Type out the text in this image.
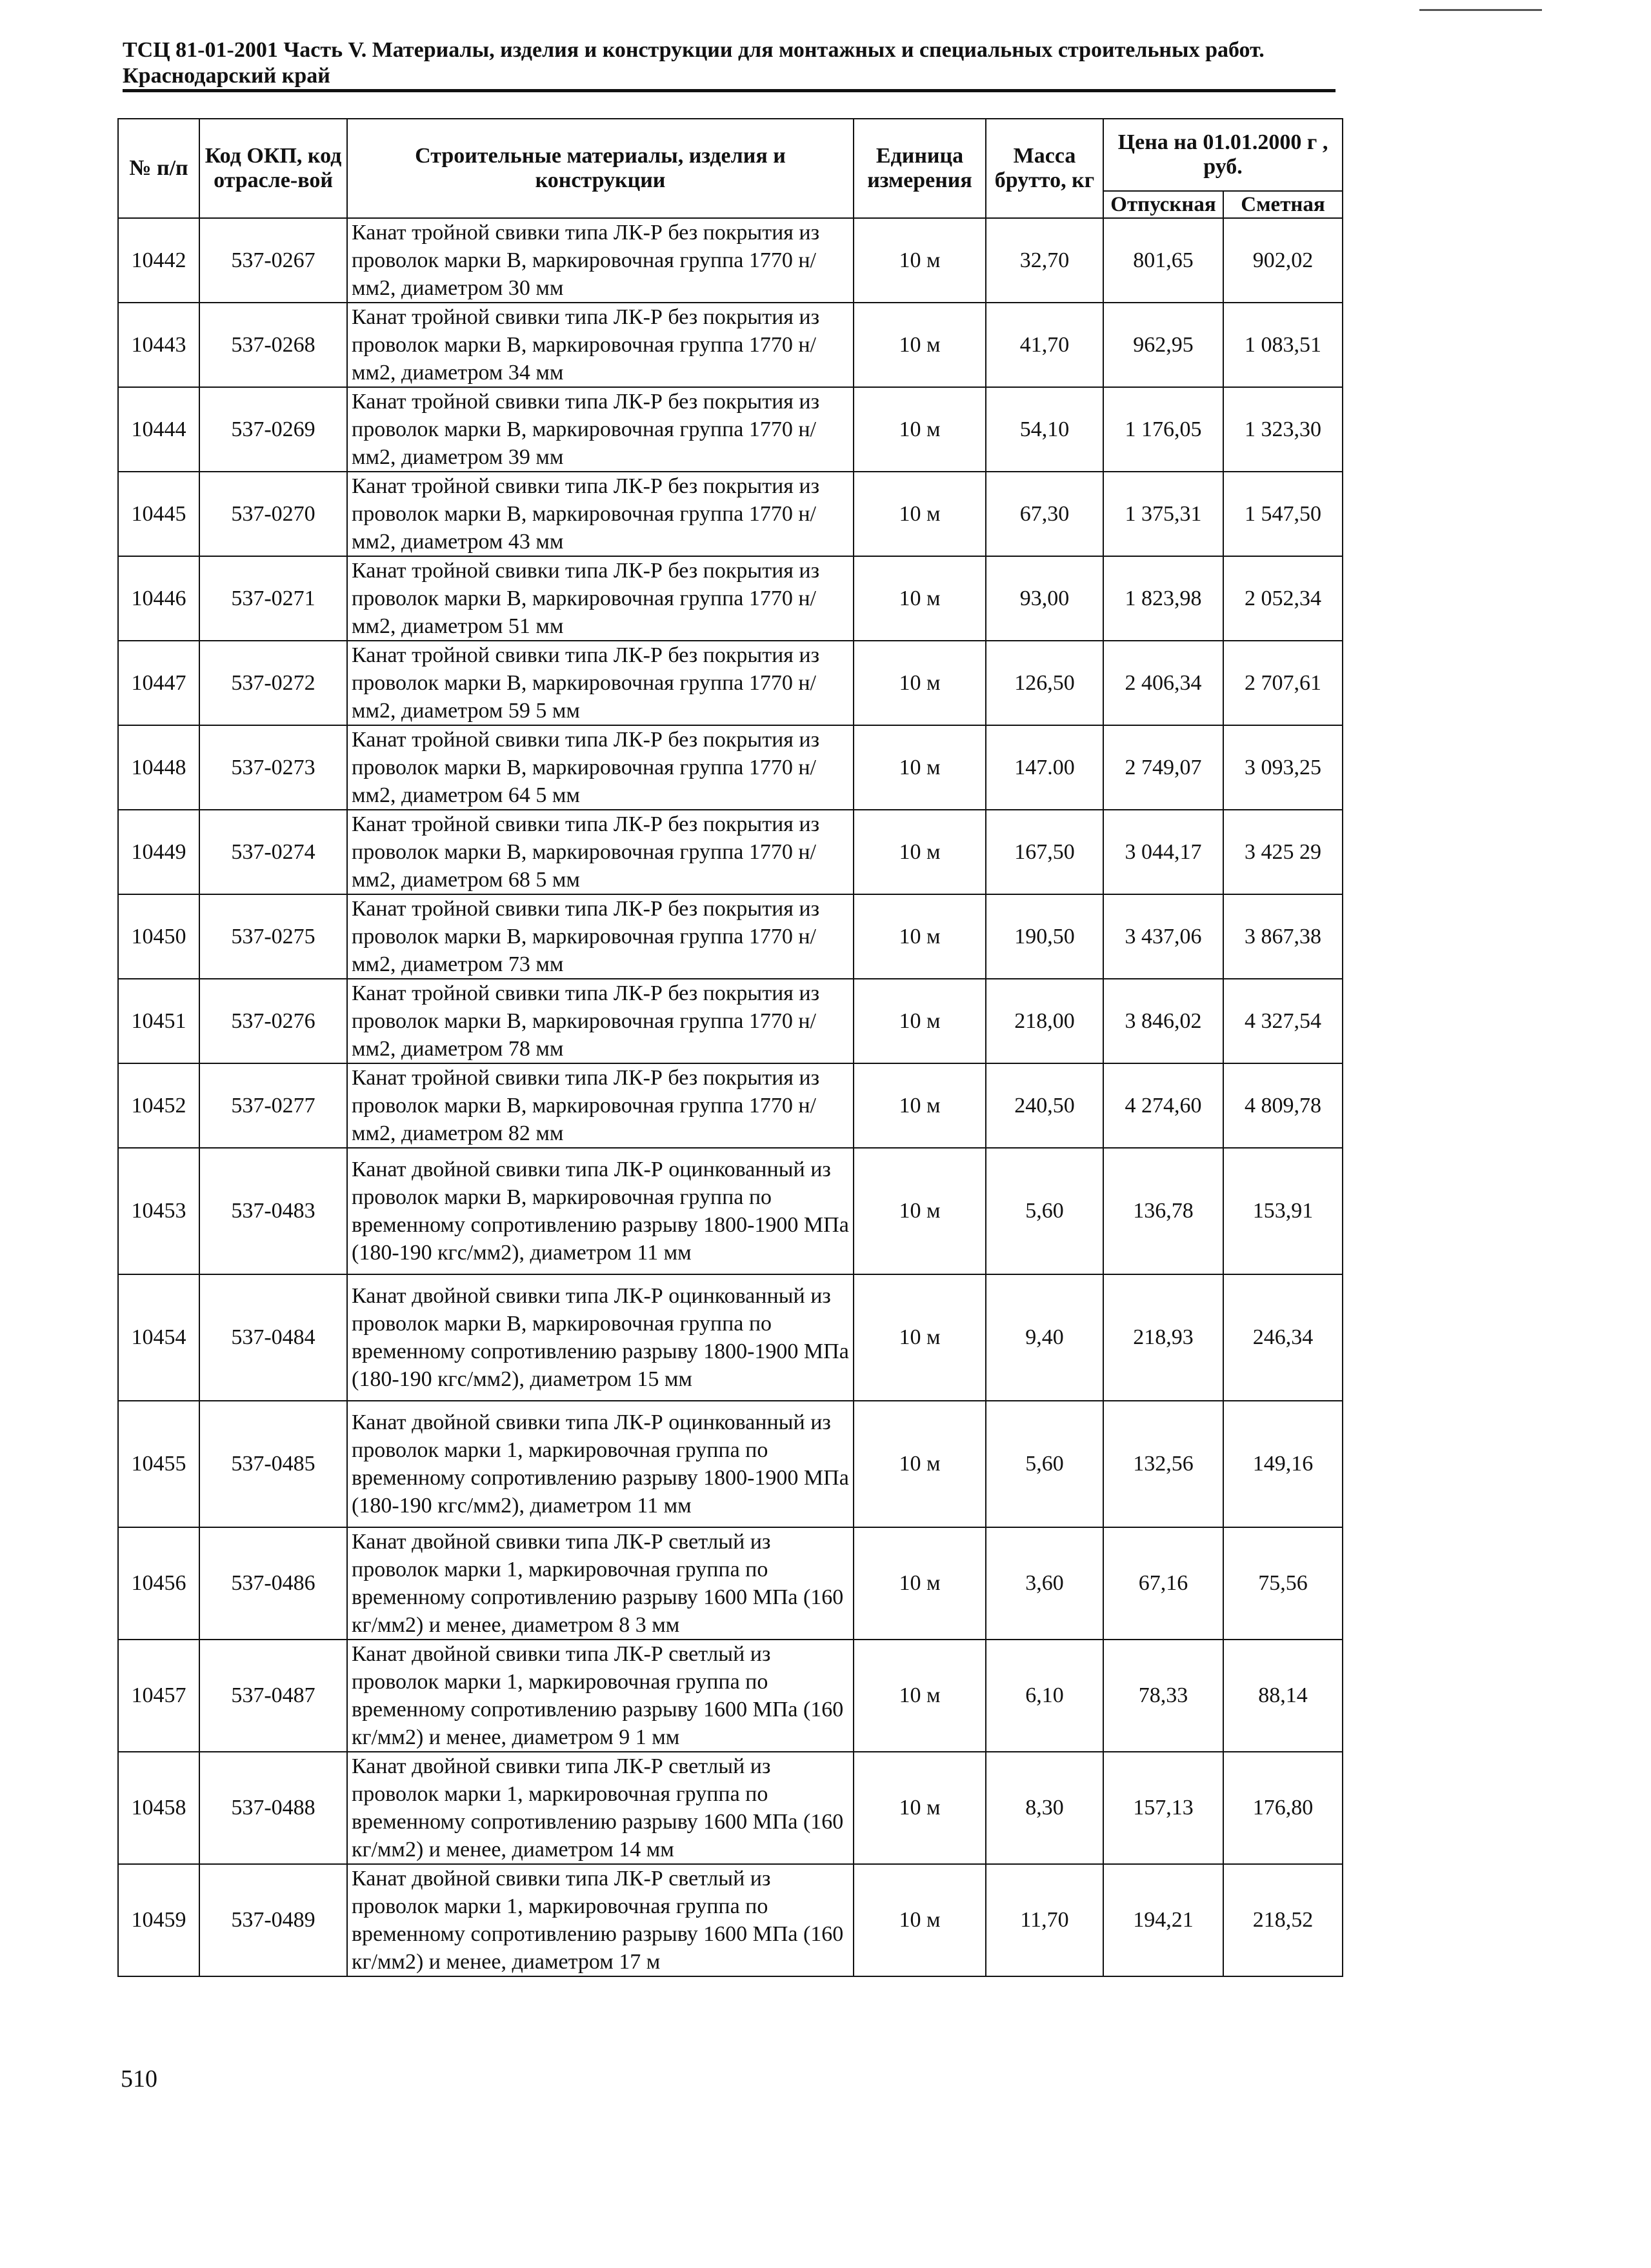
ТСЦ 81-01-2001 Часть V. Материалы, изделия и конструкции для монтажных и специальных строительных работ.
Краснодарский край
№ п/п	Код ОКП, код отрасле-вой	Строительные материалы, изделия и конструкции	Единица измерения	Масса брутто, кг	Цена на 01.01.2000 г , руб.	
					Отпускная	Сметная
10442	537-0267	Канат тройной свивки типа ЛК-Р без покрытия из проволок марки В, маркировочная группа 1770 н/мм2, диаметром 30 мм	10 м	32,70	801,65	902,02
10443	537-0268	Канат тройной свивки типа ЛК-Р без покрытия из проволок марки В, маркировочная группа 1770 н/мм2, диаметром 34 мм	10 м	41,70	962,95	1 083,51
10444	537-0269	Канат тройной свивки типа ЛК-Р без покрытия из проволок марки В, маркировочная группа 1770 н/мм2, диаметром 39 мм	10 м	54,10	1 176,05	1 323,30
10445	537-0270	Канат тройной свивки типа ЛК-Р без покрытия из проволок марки В, маркировочная группа 1770 н/мм2, диаметром 43 мм	10 м	67,30	1 375,31	1 547,50
10446	537-0271	Канат тройной свивки типа ЛК-Р без покрытия из проволок марки В, маркировочная группа 1770 н/мм2, диаметром 51 мм	10 м	93,00	1 823,98	2 052,34
10447	537-0272	Канат тройной свивки типа ЛК-Р без покрытия из проволок марки В, маркировочная группа 1770 н/мм2, диаметром 59 5 мм	10 м	126,50	2 406,34	2 707,61
10448	537-0273	Канат тройной свивки типа ЛК-Р без покрытия из проволок марки В, маркировочная группа 1770 н/мм2, диаметром 64 5 мм	10 м	147.00	2 749,07	3 093,25
10449	537-0274	Канат тройной свивки типа ЛК-Р без покрытия из проволок марки В, маркировочная группа 1770 н/мм2, диаметром 68 5 мм	10 м	167,50	3 044,17	3 425 29
10450	537-0275	Канат тройной свивки типа ЛК-Р без покрытия из проволок марки В, маркировочная группа 1770 н/мм2, диаметром 73 мм	10 м	190,50	3 437,06	3 867,38
10451	537-0276	Канат тройной свивки типа ЛК-Р без покрытия из проволок марки В, маркировочная группа 1770 н/мм2, диаметром 78 мм	10 м	218,00	3 846,02	4 327,54
10452	537-0277	Канат тройной свивки типа ЛК-Р без покрытия из проволок марки В, маркировочная группа 1770 н/мм2, диаметром 82 мм	10 м	240,50	4 274,60	4 809,78
10453	537-0483	Канат двойной свивки типа ЛК-Р оцинкованный из проволок марки В, маркировочная группа по временному сопротивлению разрыву 1800-1900 МПа (180-190 кгс/мм2), диаметром 11 мм	10 м	5,60	136,78	153,91
10454	537-0484	Канат двойной свивки типа ЛК-Р оцинкованный из проволок марки В, маркировочная группа по временному сопротивлению разрыву 1800-1900 МПа (180-190 кгс/мм2), диаметром 15 мм	10 м	9,40	218,93	246,34
10455	537-0485	Канат двойной свивки типа ЛК-Р оцинкованный из проволок марки 1, маркировочная группа по временному сопротивлению разрыву 1800-1900 МПа (180-190 кгс/мм2), диаметром 11 мм	10 м	5,60	132,56	149,16
10456	537-0486	Канат двойной свивки типа ЛК-Р светлый из проволок марки 1, маркировочная группа по временному сопротивлению разрыву 1600 МПа (160 кг/мм2) и менее, диаметром 8 3 мм	10 м	3,60	67,16	75,56
10457	537-0487	Канат двойной свивки типа ЛК-Р светлый из проволок марки 1, маркировочная группа по временному сопротивлению разрыву 1600 МПа (160 кг/мм2) и менее, диаметром 9 1 мм	10 м	6,10	78,33	88,14
10458	537-0488	Канат двойной свивки типа ЛК-Р светлый из проволок марки 1, маркировочная группа по временному сопротивлению разрыву 1600 МПа (160 кг/мм2) и менее, диаметром 14 мм	10 м	8,30	157,13	176,80
10459	537-0489	Канат двойной свивки типа ЛК-Р светлый из проволок марки 1, маркировочная группа по временному сопротивлению разрыву 1600 МПа (160 кг/мм2) и менее, диаметром 17 м	10 м	11,70	194,21	218,52
510
